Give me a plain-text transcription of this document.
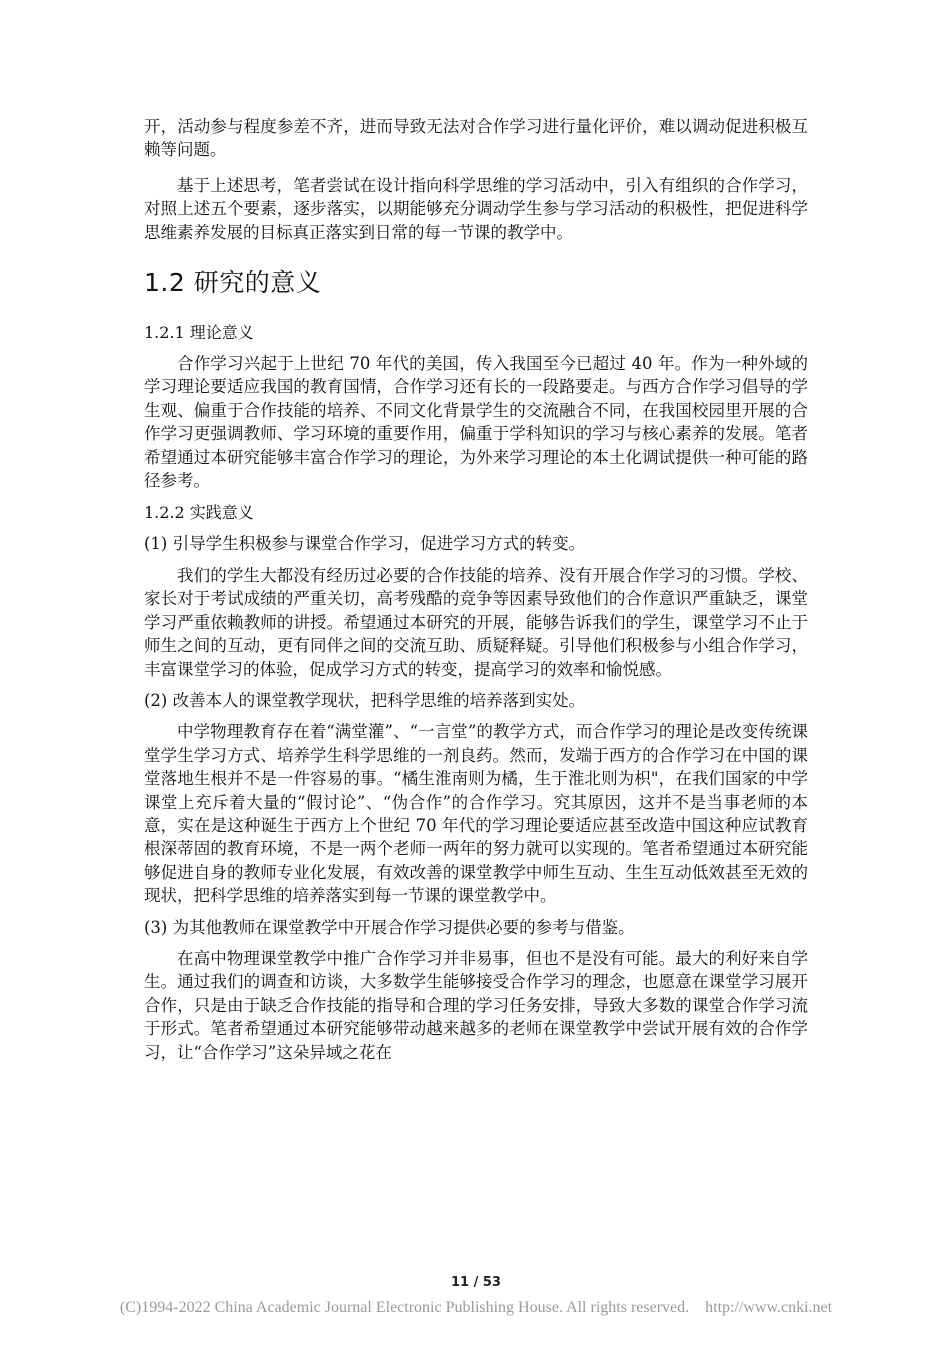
开，活动参与程度参差不齐，进而导致无法对合作学习进行量化评价，难以调动促进积极互赖等问题。

基于上述思考，笔者尝试在设计指向科学思维的学习活动中，引入有组织的合作学习，对照上述五个要素，逐步落实，以期能够充分调动学生参与学习活动的积极性，把促进科学思维素养发展的目标真正落实到日常的每一节课的教学中。

1.2 研究的意义
1.2.1 理论意义

合作学习兴起于上世纪 70 年代的美国，传入我国至今已超过 40 年。作为一种外域的学习理论要适应我国的教育国情，合作学习还有长的一段路要走。与西方合作学习倡导的学生观、偏重于合作技能的培养、不同文化背景学生的交流融合不同，在我国校园里开展的合作学习更强调教师、学习环境的重要作用，偏重于学科知识的学习与核心素养的发展。笔者希望通过本研究能够丰富合作学习的理论，为外来学习理论的本土化调试提供一种可能的路径参考。

1.2.2 实践意义

(1) 引导学生积极参与课堂合作学习，促进学习方式的转变。

我们的学生大都没有经历过必要的合作技能的培养、没有开展合作学习的习惯。学校、家长对于考试成绩的严重关切，高考残酷的竞争等因素导致他们的合作意识严重缺乏，课堂学习严重依赖教师的讲授。希望通过本研究的开展，能够告诉我们的学生，课堂学习不止于师生之间的互动，更有同伴之间的交流互助、质疑释疑。引导他们积极参与小组合作学习，丰富课堂学习的体验，促成学习方式的转变，提高学习的效率和愉悦感。

(2) 改善本人的课堂教学现状，把科学思维的培养落到实处。

中学物理教育存在着“满堂灌”、“一言堂”的教学方式，而合作学习的理论是改变传统课堂学生学习方式、培养学生科学思维的一剂良药。然而，发端于西方的合作学习在中国的课堂落地生根并不是一件容易的事。“橘生淮南则为橘，生于淮北则为枳"，在我们国家的中学课堂上充斥着大量的“假讨论”、“伪合作”的合作学习。究其原因，这并不是当事老师的本意，实在是这种诞生于西方上个世纪 70 年代的学习理论要适应甚至改造中国这种应试教育根深蒂固的教育环境，不是一两个老师一两年的努力就可以实现的。笔者希望通过本研究能够促进自身的教师专业化发展，有效改善的课堂教学中师生互动、生生互动低效甚至无效的现状，把科学思维的培养落实到每一节课的课堂教学中。

(3) 为其他教师在课堂教学中开展合作学习提供必要的参考与借鉴。

在高中物理课堂教学中推广合作学习并非易事，但也不是没有可能。最大的利好来自学生。通过我们的调查和访谈，大多数学生能够接受合作学习的理念，也愿意在课堂学习展开合作，只是由于缺乏合作技能的指导和合理的学习任务安排，导致大多数的课堂合作学习流于形式。笔者希望通过本研究能够带动越来越多的老师在课堂教学中尝试开展有效的合作学习，让“合作学习”这朵异域之花在

11 / 53
(C)1994-2022 China Academic Journal Electronic Publishing House. All rights reserved. http://www.cnki.net
